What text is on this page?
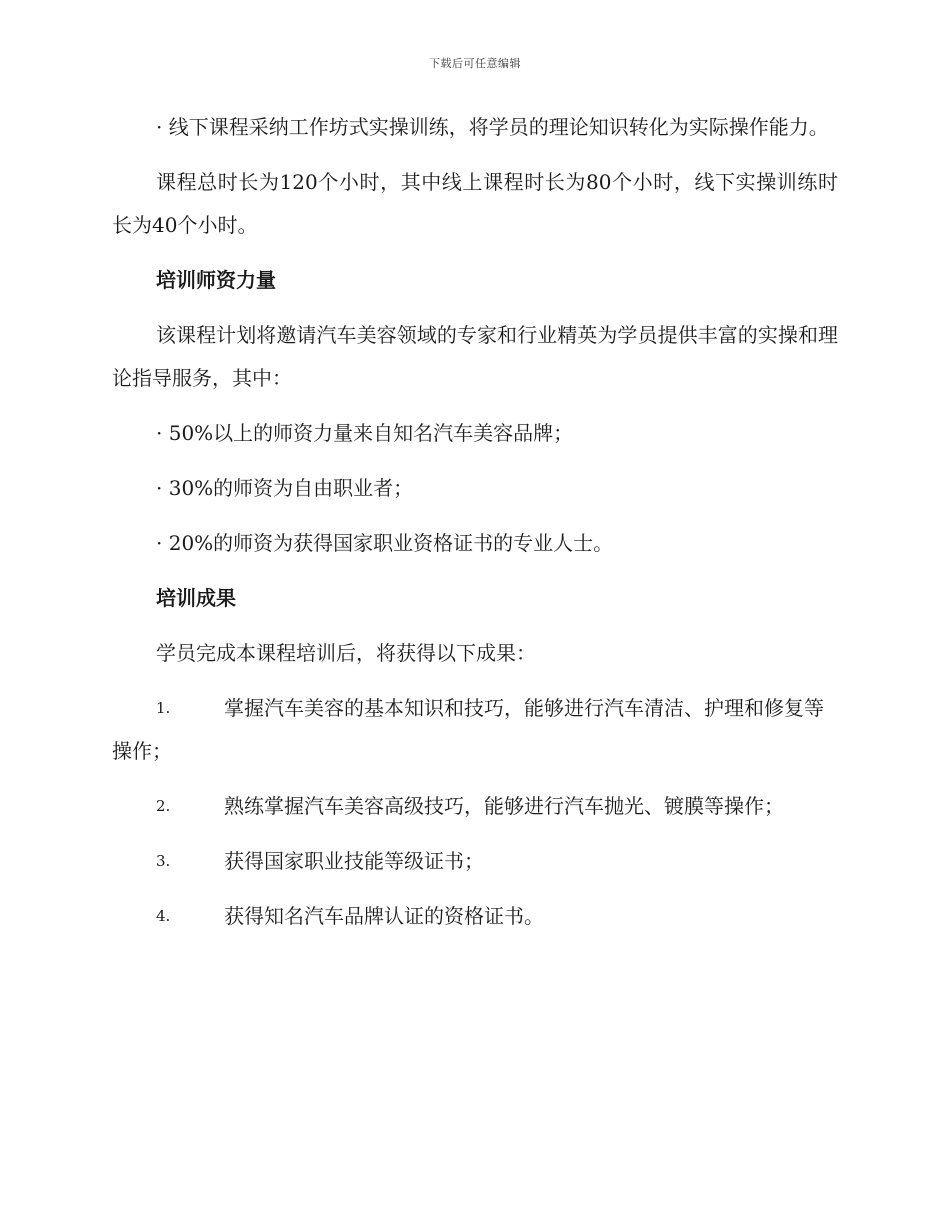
下载后可任意编辑

· 线下课程采纳工作坊式实操训练，将学员的理论知识转化为实际操作能力。

课程总时长为120个小时，其中线上课程时长为80个小时，线下实操训练时长为40个小时。

培训师资力量

该课程计划将邀请汽车美容领域的专家和行业精英为学员提供丰富的实操和理论指导服务，其中：

· 50%以上的师资力量来自知名汽车美容品牌；

· 30%的师资为自由职业者；

· 20%的师资为获得国家职业资格证书的专业人士。

培训成果

学员完成本课程培训后，将获得以下成果：

1.	掌握汽车美容的基本知识和技巧，能够进行汽车清洁、护理和修复等操作；

2.	熟练掌握汽车美容高级技巧，能够进行汽车抛光、镀膜等操作；

3.	获得国家职业技能等级证书；

4.	获得知名汽车品牌认证的资格证书。
